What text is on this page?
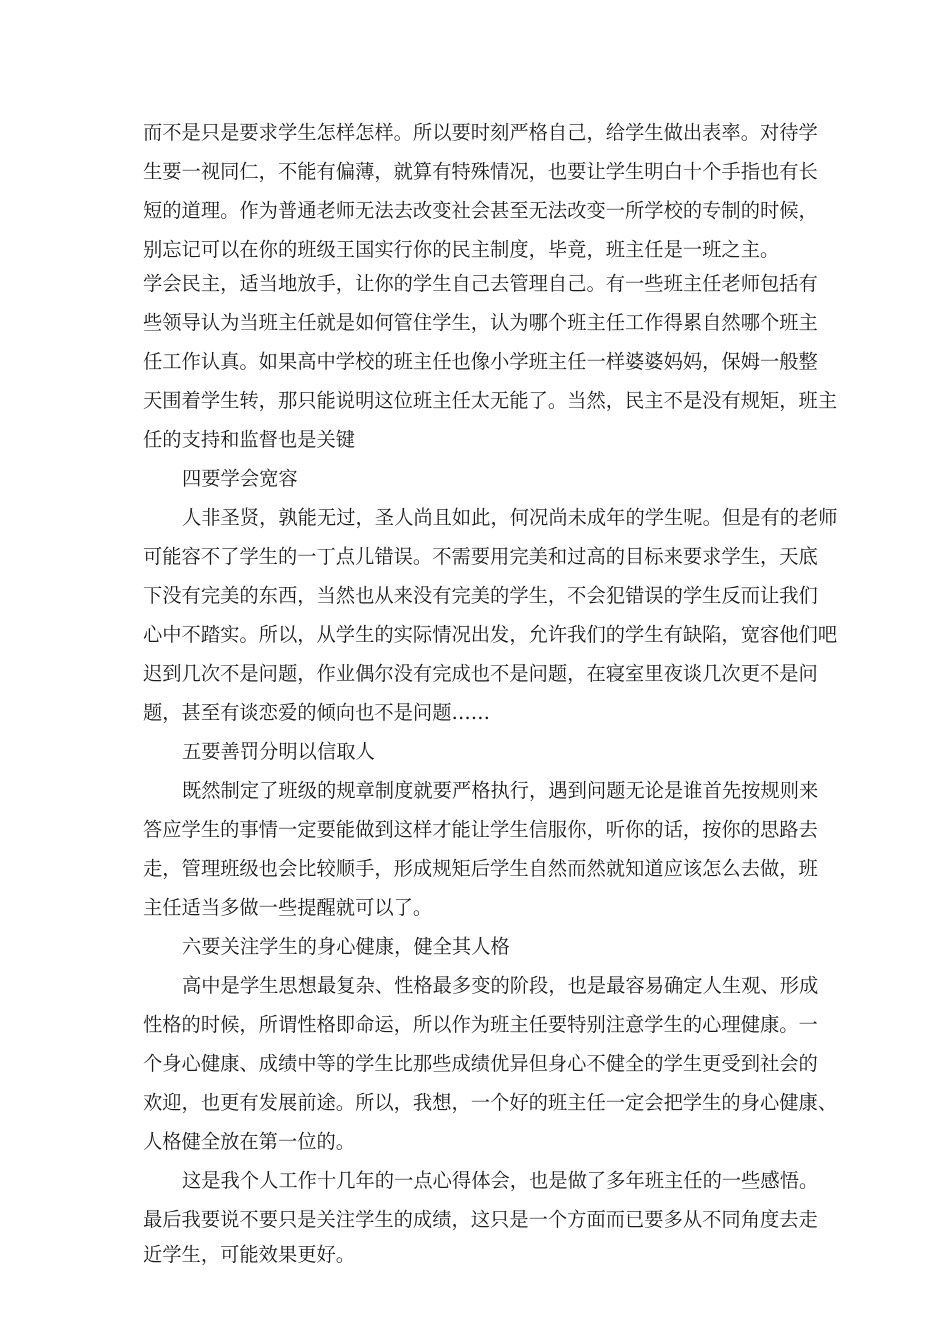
而不是只是要求学生怎样怎样。所以要时刻严格自己，给学生做出表率。对待学

生要一视同仁，不能有偏薄，就算有特殊情况，也要让学生明白十个手指也有长

短的道理。作为普通老师无法去改变社会甚至无法改变一所学校的专制的时候，

别忘记可以在你的班级王国实行你的民主制度，毕竟，班主任是一班之主。

学会民主，适当地放手，让你的学生自己去管理自己。有一些班主任老师包括有

些领导认为当班主任就是如何管住学生，认为哪个班主任工作得累自然哪个班主

任工作认真。如果高中学校的班主任也像小学班主任一样婆婆妈妈，保姆一般整

天围着学生转，那只能说明这位班主任太无能了。当然，民主不是没有规矩，班主

任的支持和监督也是关键

四要学会宽容

人非圣贤，孰能无过，圣人尚且如此，何况尚未成年的学生呢。但是有的老师

可能容不了学生的一丁点儿错误。不需要用完美和过高的目标来要求学生，天底

下没有完美的东西，当然也从来没有完美的学生，不会犯错误的学生反而让我们

心中不踏实。所以，从学生的实际情况出发，允许我们的学生有缺陷，宽容他们吧

迟到几次不是问题，作业偶尔没有完成也不是问题，在寝室里夜谈几次更不是问

题，甚至有谈恋爱的倾向也不是问题……

五要善罚分明以信取人

既然制定了班级的规章制度就要严格执行，遇到问题无论是谁首先按规则来

答应学生的事情一定要能做到这样才能让学生信服你，听你的话，按你的思路去

走，管理班级也会比较顺手，形成规矩后学生自然而然就知道应该怎么去做，班

主任适当多做一些提醒就可以了。

六要关注学生的身心健康，健全其人格

高中是学生思想最复杂、性格最多变的阶段，也是最容易确定人生观、形成

性格的时候，所谓性格即命运，所以作为班主任要特别注意学生的心理健康。一

个身心健康、成绩中等的学生比那些成绩优异但身心不健全的学生更受到社会的

欢迎，也更有发展前途。所以，我想，一个好的班主任一定会把学生的身心健康、

人格健全放在第一位的。

这是我个人工作十几年的一点心得体会，也是做了多年班主任的一些感悟。

最后我要说不要只是关注学生的成绩，这只是一个方面而已要多从不同角度去走

近学生，可能效果更好。
